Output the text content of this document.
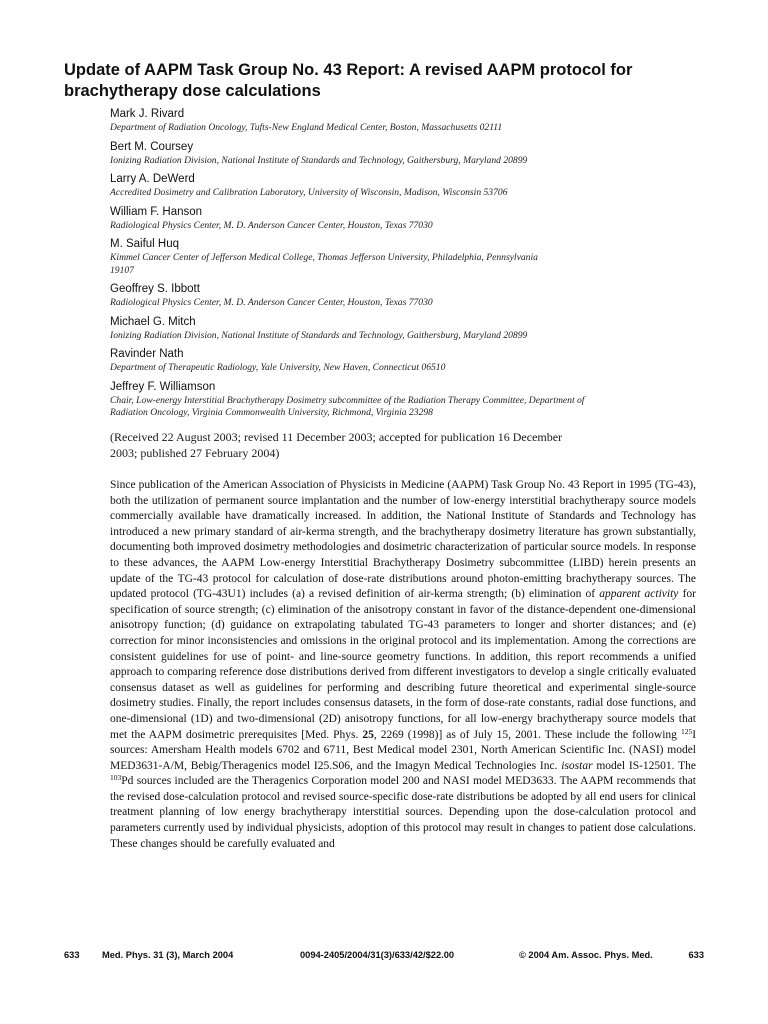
Update of AAPM Task Group No. 43 Report: A revised AAPM protocol for brachytherapy dose calculations
Mark J. Rivard
Department of Radiation Oncology, Tufts-New England Medical Center, Boston, Massachusetts 02111
Bert M. Coursey
Ionizing Radiation Division, National Institute of Standards and Technology, Gaithersburg, Maryland 20899
Larry A. DeWerd
Accredited Dosimetry and Calibration Laboratory, University of Wisconsin, Madison, Wisconsin 53706
William F. Hanson
Radiological Physics Center, M. D. Anderson Cancer Center, Houston, Texas 77030
M. Saiful Huq
Kimmel Cancer Center of Jefferson Medical College, Thomas Jefferson University, Philadelphia, Pennsylvania 19107
Geoffrey S. Ibbott
Radiological Physics Center, M. D. Anderson Cancer Center, Houston, Texas 77030
Michael G. Mitch
Ionizing Radiation Division, National Institute of Standards and Technology, Gaithersburg, Maryland 20899
Ravinder Nath
Department of Therapeutic Radiology, Yale University, New Haven, Connecticut 06510
Jeffrey F. Williamson
Chair, Low-energy Interstitial Brachytherapy Dosimetry subcommittee of the Radiation Therapy Committee, Department of Radiation Oncology, Virginia Commonwealth University, Richmond, Virginia 23298
(Received 22 August 2003; revised 11 December 2003; accepted for publication 16 December 2003; published 27 February 2004)
Since publication of the American Association of Physicists in Medicine (AAPM) Task Group No. 43 Report in 1995 (TG-43), both the utilization of permanent source implantation and the number of low-energy interstitial brachytherapy source models commercially available have dramatically increased. In addition, the National Institute of Standards and Technology has introduced a new primary standard of air-kerma strength, and the brachytherapy dosimetry literature has grown substantially, documenting both improved dosimetry methodologies and dosimetric characterization of particular source models. In response to these advances, the AAPM Low-energy Interstitial Brachytherapy Dosimetry subcommittee (LIBD) herein presents an update of the TG-43 protocol for calculation of dose-rate distributions around photon-emitting brachytherapy sources. The updated protocol (TG-43U1) includes (a) a revised definition of air-kerma strength; (b) elimination of apparent activity for specification of source strength; (c) elimination of the anisotropy constant in favor of the distance-dependent one-dimensional anisotropy function; (d) guidance on extrapolating tabulated TG-43 parameters to longer and shorter distances; and (e) correction for minor inconsistencies and omissions in the original protocol and its implementation. Among the corrections are consistent guidelines for use of point- and line-source geometry functions. In addition, this report recommends a unified approach to comparing reference dose distributions derived from different investigators to develop a single critically evaluated consensus dataset as well as guidelines for performing and describing future theoretical and experimental single-source dosimetry studies. Finally, the report includes consensus datasets, in the form of dose-rate constants, radial dose functions, and one-dimensional (1D) and two-dimensional (2D) anisotropy functions, for all low-energy brachytherapy source models that met the AAPM dosimetric prerequisites [Med. Phys. 25, 2269 (1998)] as of July 15, 2001. These include the following $^{125}$I sources: Amersham Health models 6702 and 6711, Best Medical model 2301, North American Scientific Inc. (NASI) model MED3631-A/M, Bebig/Theragenics model I25.S06, and the Imagyn Medical Technologies Inc. isostar model IS-12501. The $^{103}$Pd sources included are the Theragenics Corporation model 200 and NASI model MED3633. The AAPM recommends that the revised dose-calculation protocol and revised source-specific dose-rate distributions be adopted by all end users for clinical treatment planning of low energy brachytherapy interstitial sources. Depending upon the dose-calculation protocol and parameters currently used by individual physicists, adoption of this protocol may result in changes to patient dose calculations. These changes should be carefully evaluated and
633 Med. Phys. 31 (3), March 2004	0094-2405/2004/31(3)/633/42/$22.00	© 2004 Am. Assoc. Phys. Med.	633
